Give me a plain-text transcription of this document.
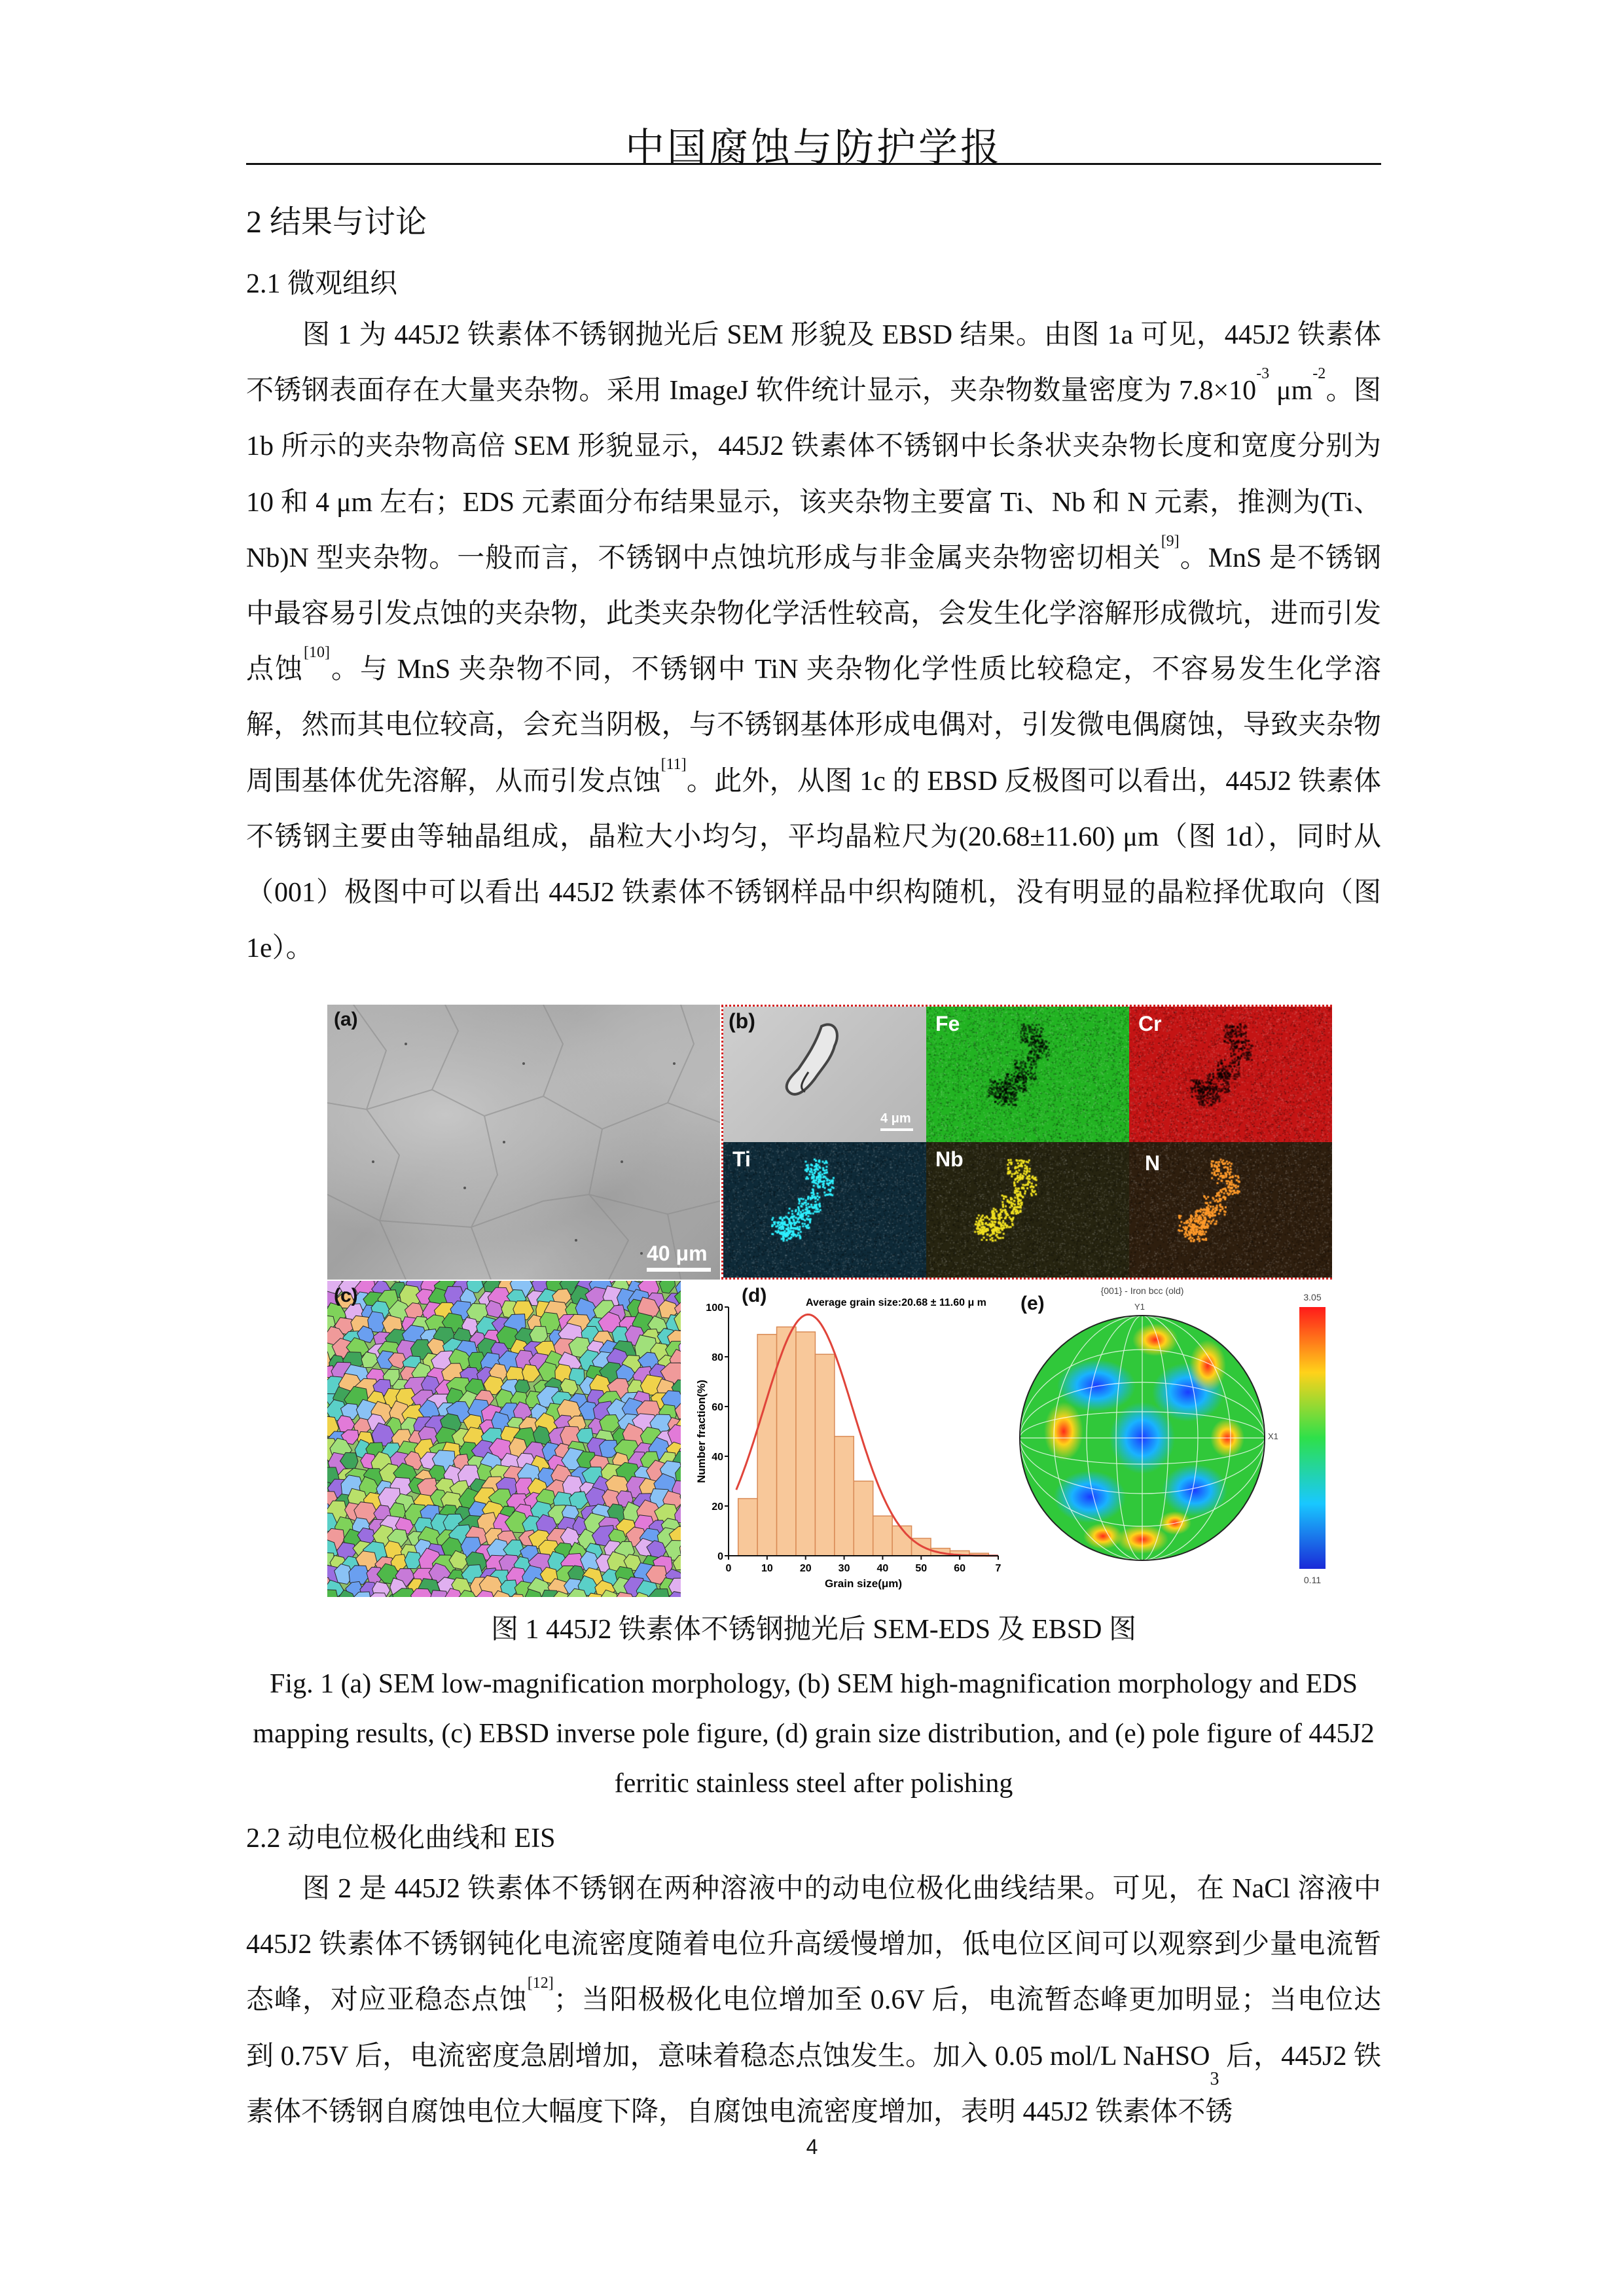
中国腐蚀与防护学报
2 结果与讨论
2.1 微观组织

图 1 为 445J2 铁素体不锈钢抛光后 SEM 形貌及 EBSD 结果。由图 1a 可见，445J2 铁素体不锈钢表面存在大量夹杂物。采用 ImageJ 软件统计显示，夹杂物数量密度为 $7.8\times 10^{-3}$ $\mu m^{-2}$。图 1b 所示的夹杂物高倍 SEM 形貌显示，445J2 铁素体不锈钢中长条状夹杂物长度和宽度分别为 10 和 4 μm 左右；EDS 元素面分布结果显示，该夹杂物主要富 Ti、Nb 和 N 元素，推测为(Ti、Nb)N 型夹杂物。一般而言，不锈钢中点蚀坑形成与非金属夹杂物密切相关[9]。MnS 是不锈钢中最容易引发点蚀的夹杂物，此类夹杂物化学活性较高，会发生化学溶解形成微坑，进而引发点蚀[10]。与 MnS 夹杂物不同，不锈钢中 TiN 夹杂物化学性质比较稳定，不容易发生化学溶解，然而其电位较高，会充当阴极，与不锈钢基体形成电偶对，引发微电偶腐蚀，导致夹杂物周围基体优先溶解，从而引发点蚀[11]。此外，从图 1c 的 EBSD 反极图可以看出，445J2 铁素体不锈钢主要由等轴晶组成，晶粒大小均匀，平均晶粒尺为(20.68±11.60) μm（图 1d），同时从（001）极图中可以看出 445J2 铁素体不锈钢样品中织构随机，没有明显的晶粒择优取向（图 1e）。

(a)
40 μm
(b)
4 μm
Fe	Cr
Ti	Nb	N
(c)
0	10	20	30	40	50	60	7
0
20
40
60
80
100
Grain size(μm)
Number fraction(%)
Average grain size:20.68 ± 11.60 μ m
(d)	{001} - Iron bcc (old)
Y1
X1
3.05
0.11
(e)
图 1 445J2 铁素体不锈钢抛光后 SEM-EDS 及 EBSD 图
Fig. 1 (a) SEM low-magnification morphology, (b) SEM high-magnification morphology and EDS mapping results, (c) EBSD inverse pole figure, (d) grain size distribution, and (e) pole figure of 445J2 ferritic stainless steel after polishing
2.2 动电位极化曲线和 EIS

图 2 是 445J2 铁素体不锈钢在两种溶液中的动电位极化曲线结果。可见，在 NaCl 溶液中 445J2 铁素体不锈钢钝化电流密度随着电位升高缓慢增加，低电位区间可以观察到少量电流暂态峰，对应亚稳态点蚀[12]；当阳极极化电位增加至 0.6V 后，电流暂态峰更加明显；当电位达到 0.75V 后，电流密度急剧增加，意味着稳态点蚀发生。加入 0.05 mol/L NaHSO$_3$ 后，445J2 铁素体不锈钢自腐蚀电位大幅度下降，自腐蚀电流密度增加，表明 445J2 铁素体不锈

4
